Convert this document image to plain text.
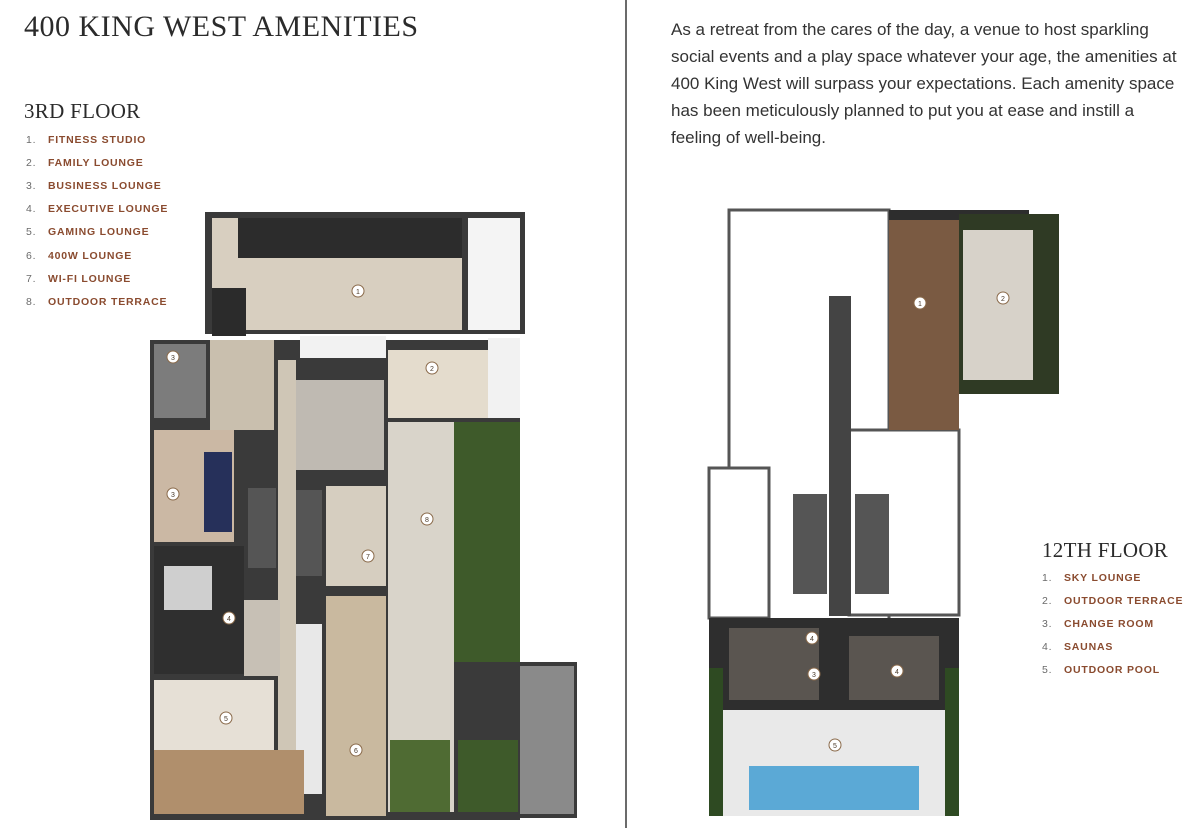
400 KING WEST AMENITIES
3RD FLOOR
1.	FITNESS STUDIO
2.	FAMILY LOUNGE
3.	BUSINESS LOUNGE
4.	EXECUTIVE LOUNGE
5.	GAMING LOUNGE
6.	400W LOUNGE
7.	WI-FI LOUNGE
8.	OUTDOOR TERRACE
1
2
3
3
4
5
6
7
8

As a retreat from the cares of the day, a venue to host sparkling social events and a play space whatever your age, the amenities at 400 King West will surpass your expectations. Each amenity space has been meticulously planned to put you at ease and instill a feeling of well-being.

12TH FLOOR
1.	SKY LOUNGE
2.	OUTDOOR TERRACE
3.	CHANGE ROOM
4.	SAUNAS
5.	OUTDOOR POOL
1
2
3
4
4
5
